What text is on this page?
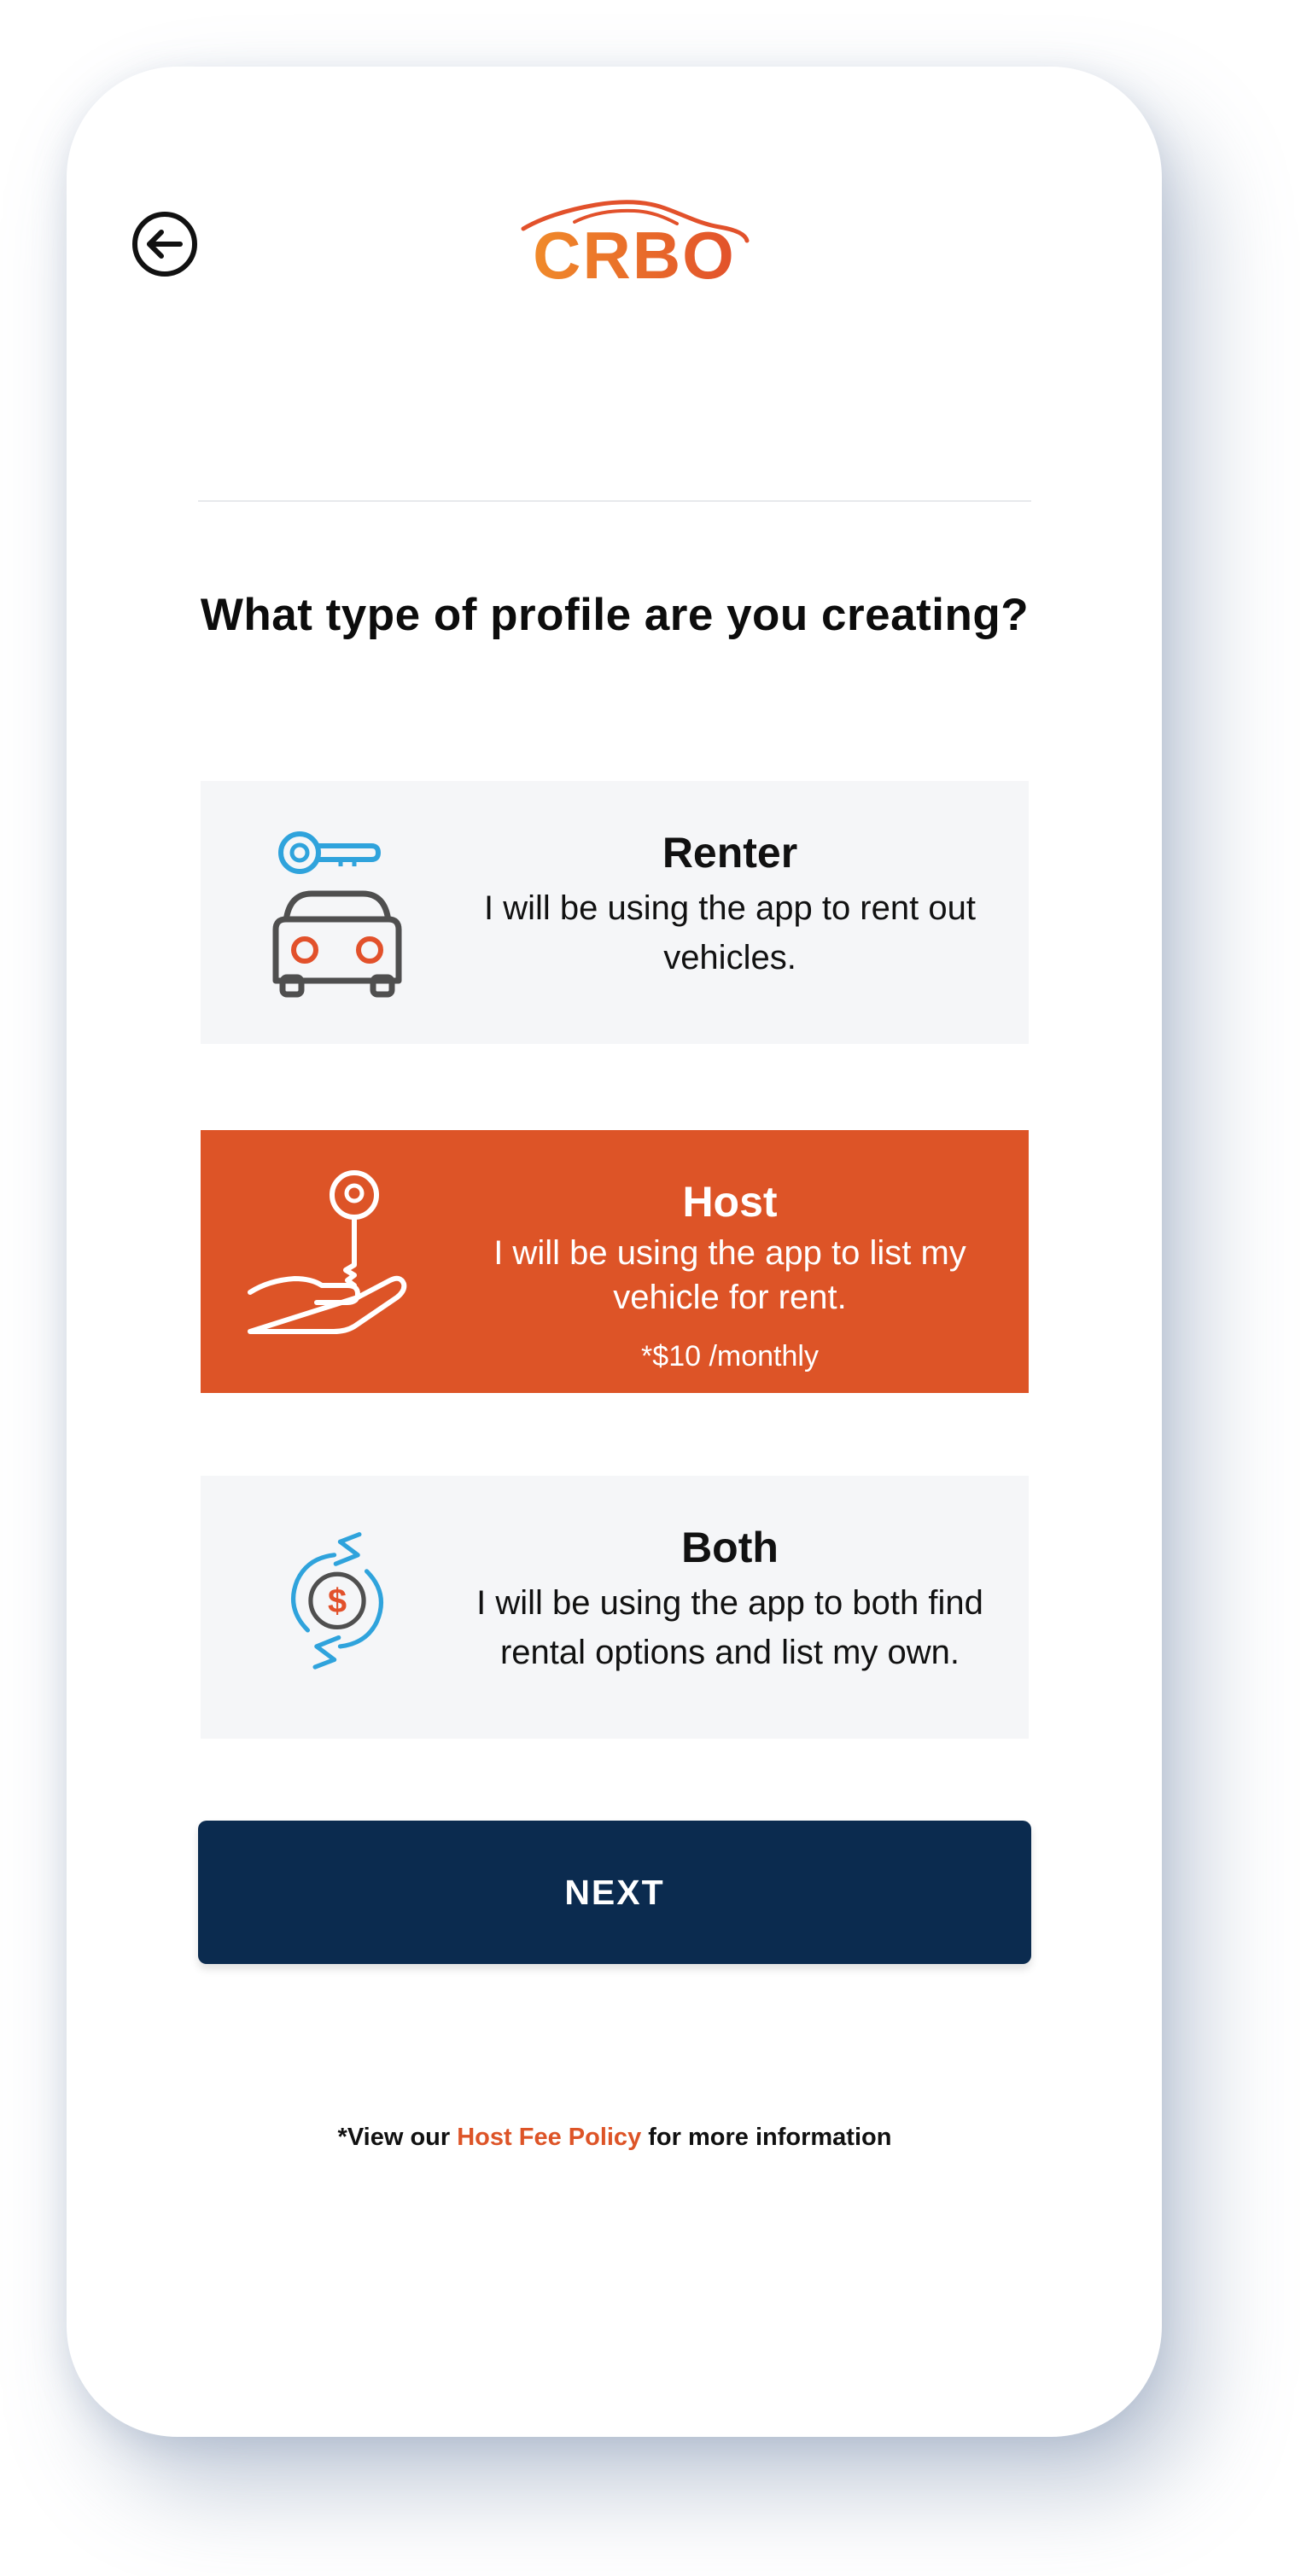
CRBO
What type of profile are you creating?
Renter
I will be using the app to rent out vehicles.
Host
I will be using the app to list my vehicle for rent.
*$10 /monthly
$
Both
I will be using the app to both find rental options and list my own.
NEXT
*View our Host Fee Policy for more information
